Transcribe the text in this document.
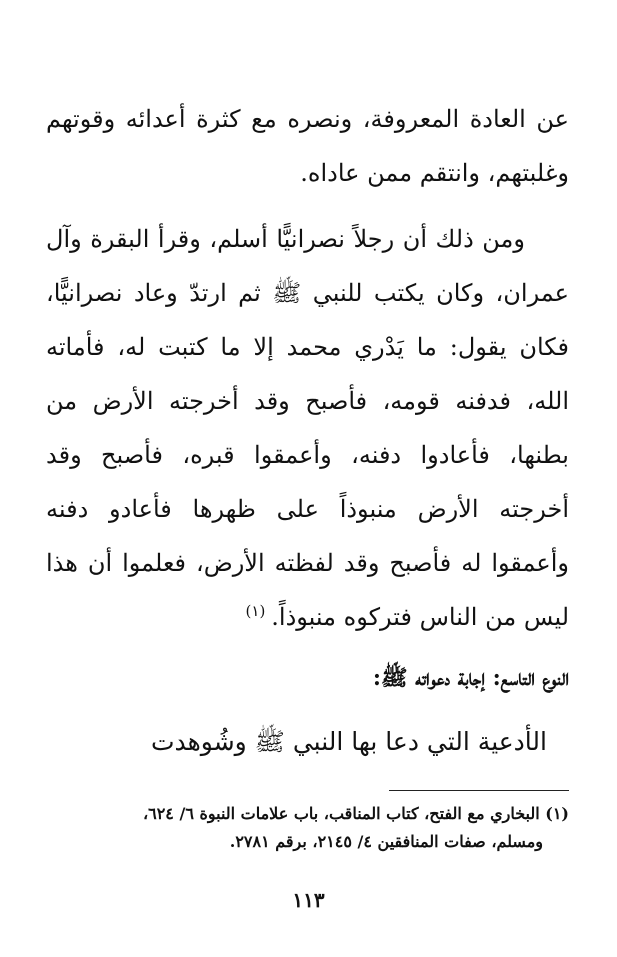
عن العادة المعروفة، ونصره مع كثرة أعدائه وقوتهم وغلبتهم، وانتقم ممن عاداه.

ومن ذلك أن رجلاً نصرانيًّا أسلم، وقرأ البقرة وآل عمران، وكان يكتب للنبي ﷺ ثم ارتدّ وعاد نصرانيًّا، فكان يقول: ما يَدْري محمد إلا ما كتبت له، فأماته الله، فدفنه قومه، فأصبح وقد أخرجته الأرض من بطنها، فأعادوا دفنه، وأعمقوا قبره، فأصبح وقد أخرجته الأرض منبوذاً على ظهرها فأعادو دفنه وأعمقوا له فأصبح وقد لفظته الأرض، فعلموا أن هذا ليس من الناس فتركوه منبوذاً.$^{(١)}$

النوع التاسع: إجابة دعواته ﷺ:
الأدعية التي دعا بها النبي ﷺ وشُوهدت

(١) البخاري مع الفتح، كتاب المناقب، باب علامات النبوة ٦/ ٦٢٤،

ومسلم، صفات المنافقين ٤/ ٢١٤٥، برقم ٢٧٨١.

١١٣
